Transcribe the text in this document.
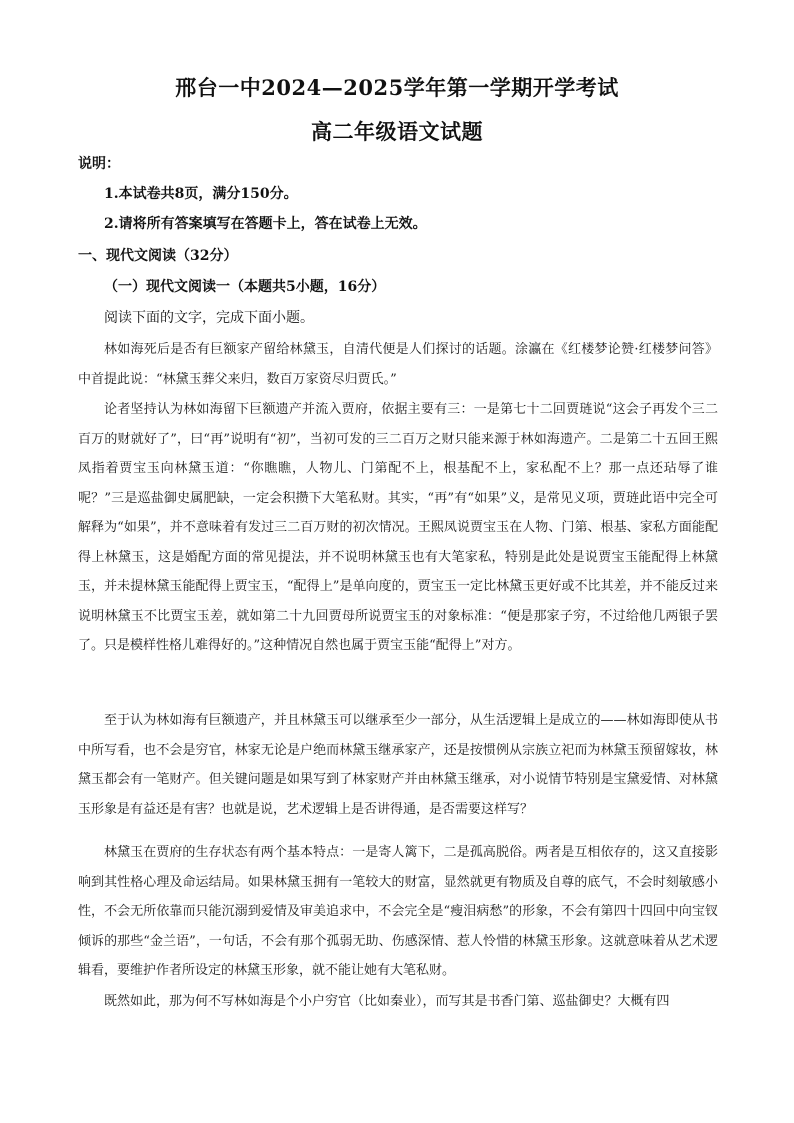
邢台一中2024—2025学年第一学期开学考试
高二年级语文试题
说明：
1.本试卷共8页，满分150分。
2.请将所有答案填写在答题卡上，答在试卷上无效。
一、现代文阅读（32分）
（一）现代文阅读一（本题共5小题，16分）
阅读下面的文字，完成下面小题。
林如海死后是否有巨额家产留给林黛玉，自清代便是人们探讨的话题。涂瀛在《红楼梦论赞·红楼梦问答》中首提此说：“林黛玉葬父来归，数百万家资尽归贾氏。”
论者坚持认为林如海留下巨额遗产并流入贾府，依据主要有三：一是第七十二回贾琏说“这会子再发个三二百万的财就好了”，曰“再”说明有“初”，当初可发的三二百万之财只能来源于林如海遗产。二是第二十五回王熙凤指着贾宝玉向林黛玉道：“你瞧瞧，人物儿、门第配不上，根基配不上，家私配不上？那一点还玷辱了谁呢？”三是巡盐御史属肥缺，一定会积攒下大笔私财。其实，“再”有“如果”义，是常见义项，贾琏此语中完全可解释为“如果”，并不意味着有发过三二百万财的初次情况。王熙凤说贾宝玉在人物、门第、根基、家私方面能配得上林黛玉，这是婚配方面的常见提法，并不说明林黛玉也有大笔家私，特别是此处是说贾宝玉能配得上林黛玉，并未提林黛玉能配得上贾宝玉，“配得上”是单向度的，贾宝玉一定比林黛玉更好或不比其差，并不能反过来说明林黛玉不比贾宝玉差，就如第二十九回贾母所说贾宝玉的对象标准：“便是那家子穷，不过给他几两银子罢了。只是模样性格儿难得好的。”这种情况自然也属于贾宝玉能“配得上”对方。
至于认为林如海有巨额遗产，并且林黛玉可以继承至少一部分，从生活逻辑上是成立的——林如海即使从书中所写看，也不会是穷官，林家无论是户绝而林黛玉继承家产，还是按惯例从宗族立祀而为林黛玉预留嫁妆，林黛玉都会有一笔财产。但关键问题是如果写到了林家财产并由林黛玉继承，对小说情节特别是宝黛爱情、对林黛玉形象是有益还是有害？也就是说，艺术逻辑上是否讲得通，是否需要这样写？
林黛玉在贾府的生存状态有两个基本特点：一是寄人篱下，二是孤高脱俗。两者是互相依存的，这又直接影响到其性格心理及命运结局。如果林黛玉拥有一笔较大的财富，显然就更有物质及自尊的底气，不会时刻敏感小性，不会无所依靠而只能沉溺到爱情及审美追求中，不会完全是“瘦泪病愁”的形象，不会有第四十四回中向宝钗倾诉的那些“金兰语”，一句话，不会有那个孤弱无助、伤感深情、惹人怜惜的林黛玉形象。这就意味着从艺术逻辑看，要维护作者所设定的林黛玉形象，就不能让她有大笔私财。
既然如此，那为何不写林如海是个小户穷官（比如秦业），而写其是书香门第、巡盐御史？大概有四
